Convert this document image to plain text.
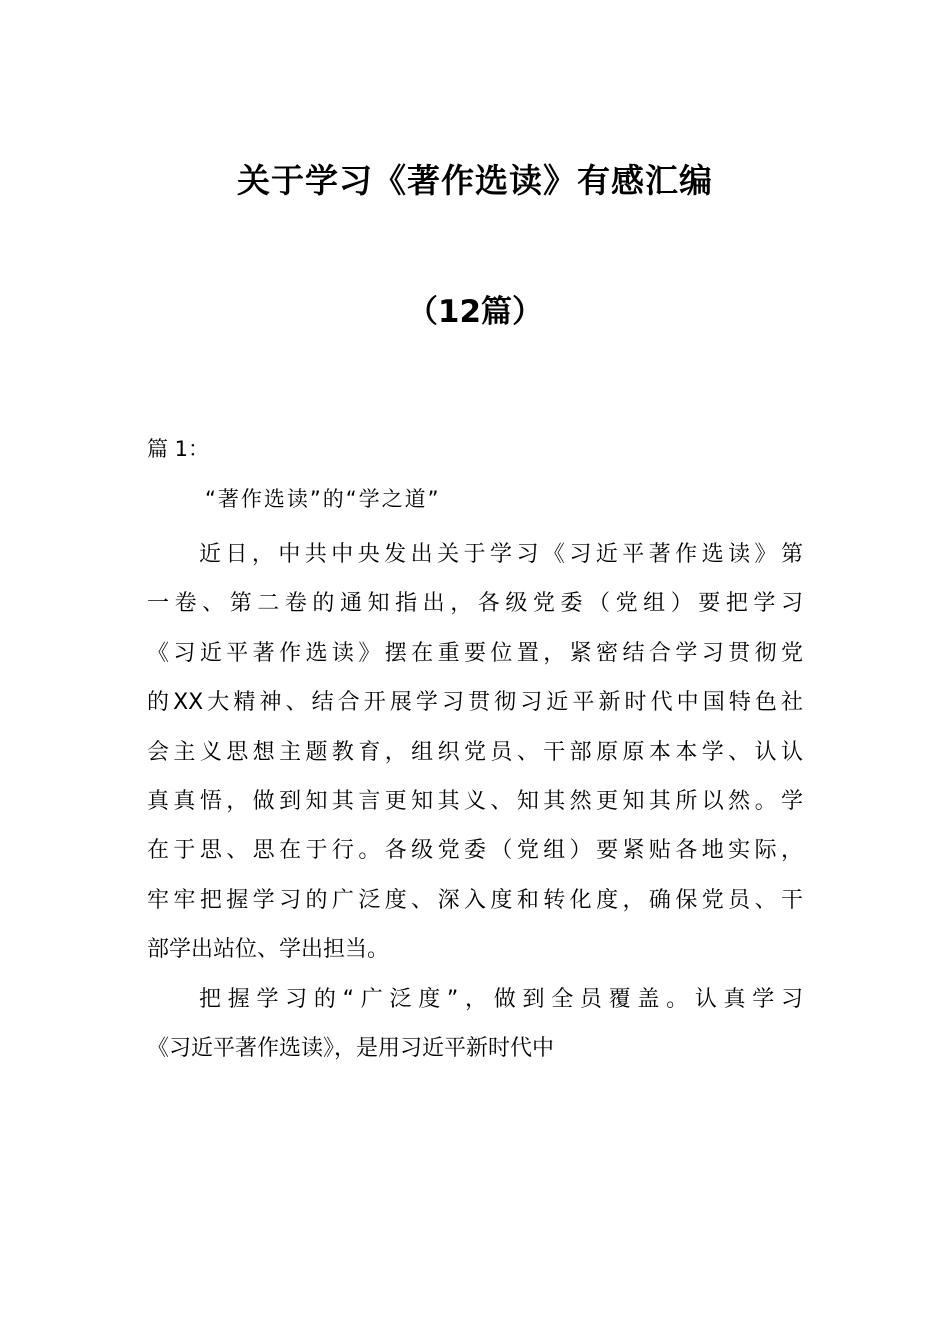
关于学习《著作选读》有感汇编
（12篇）
篇 1：
“著作选读”的“学之道”
近日，中共中央发出关于学习《习近平著作选读》第
一卷、第二卷的通知指出，各级党委（党组）要把学习
《习近平著作选读》摆在重要位置，紧密结合学习贯彻党
的XX大精神、结合开展学习贯彻习近平新时代中国特色社
会主义思想主题教育，组织党员、干部原原本本学、认认
真真悟，做到知其言更知其义、知其然更知其所以然。学
在于思、思在于行。各级党委（党组）要紧贴各地实际，
牢牢把握学习的广泛度、深入度和转化度，确保党员、干
部学出站位、学出担当。
把握学习的“广泛度”，做到全员覆盖。认真学习
《习近平著作选读》，是用习近平新时代中
